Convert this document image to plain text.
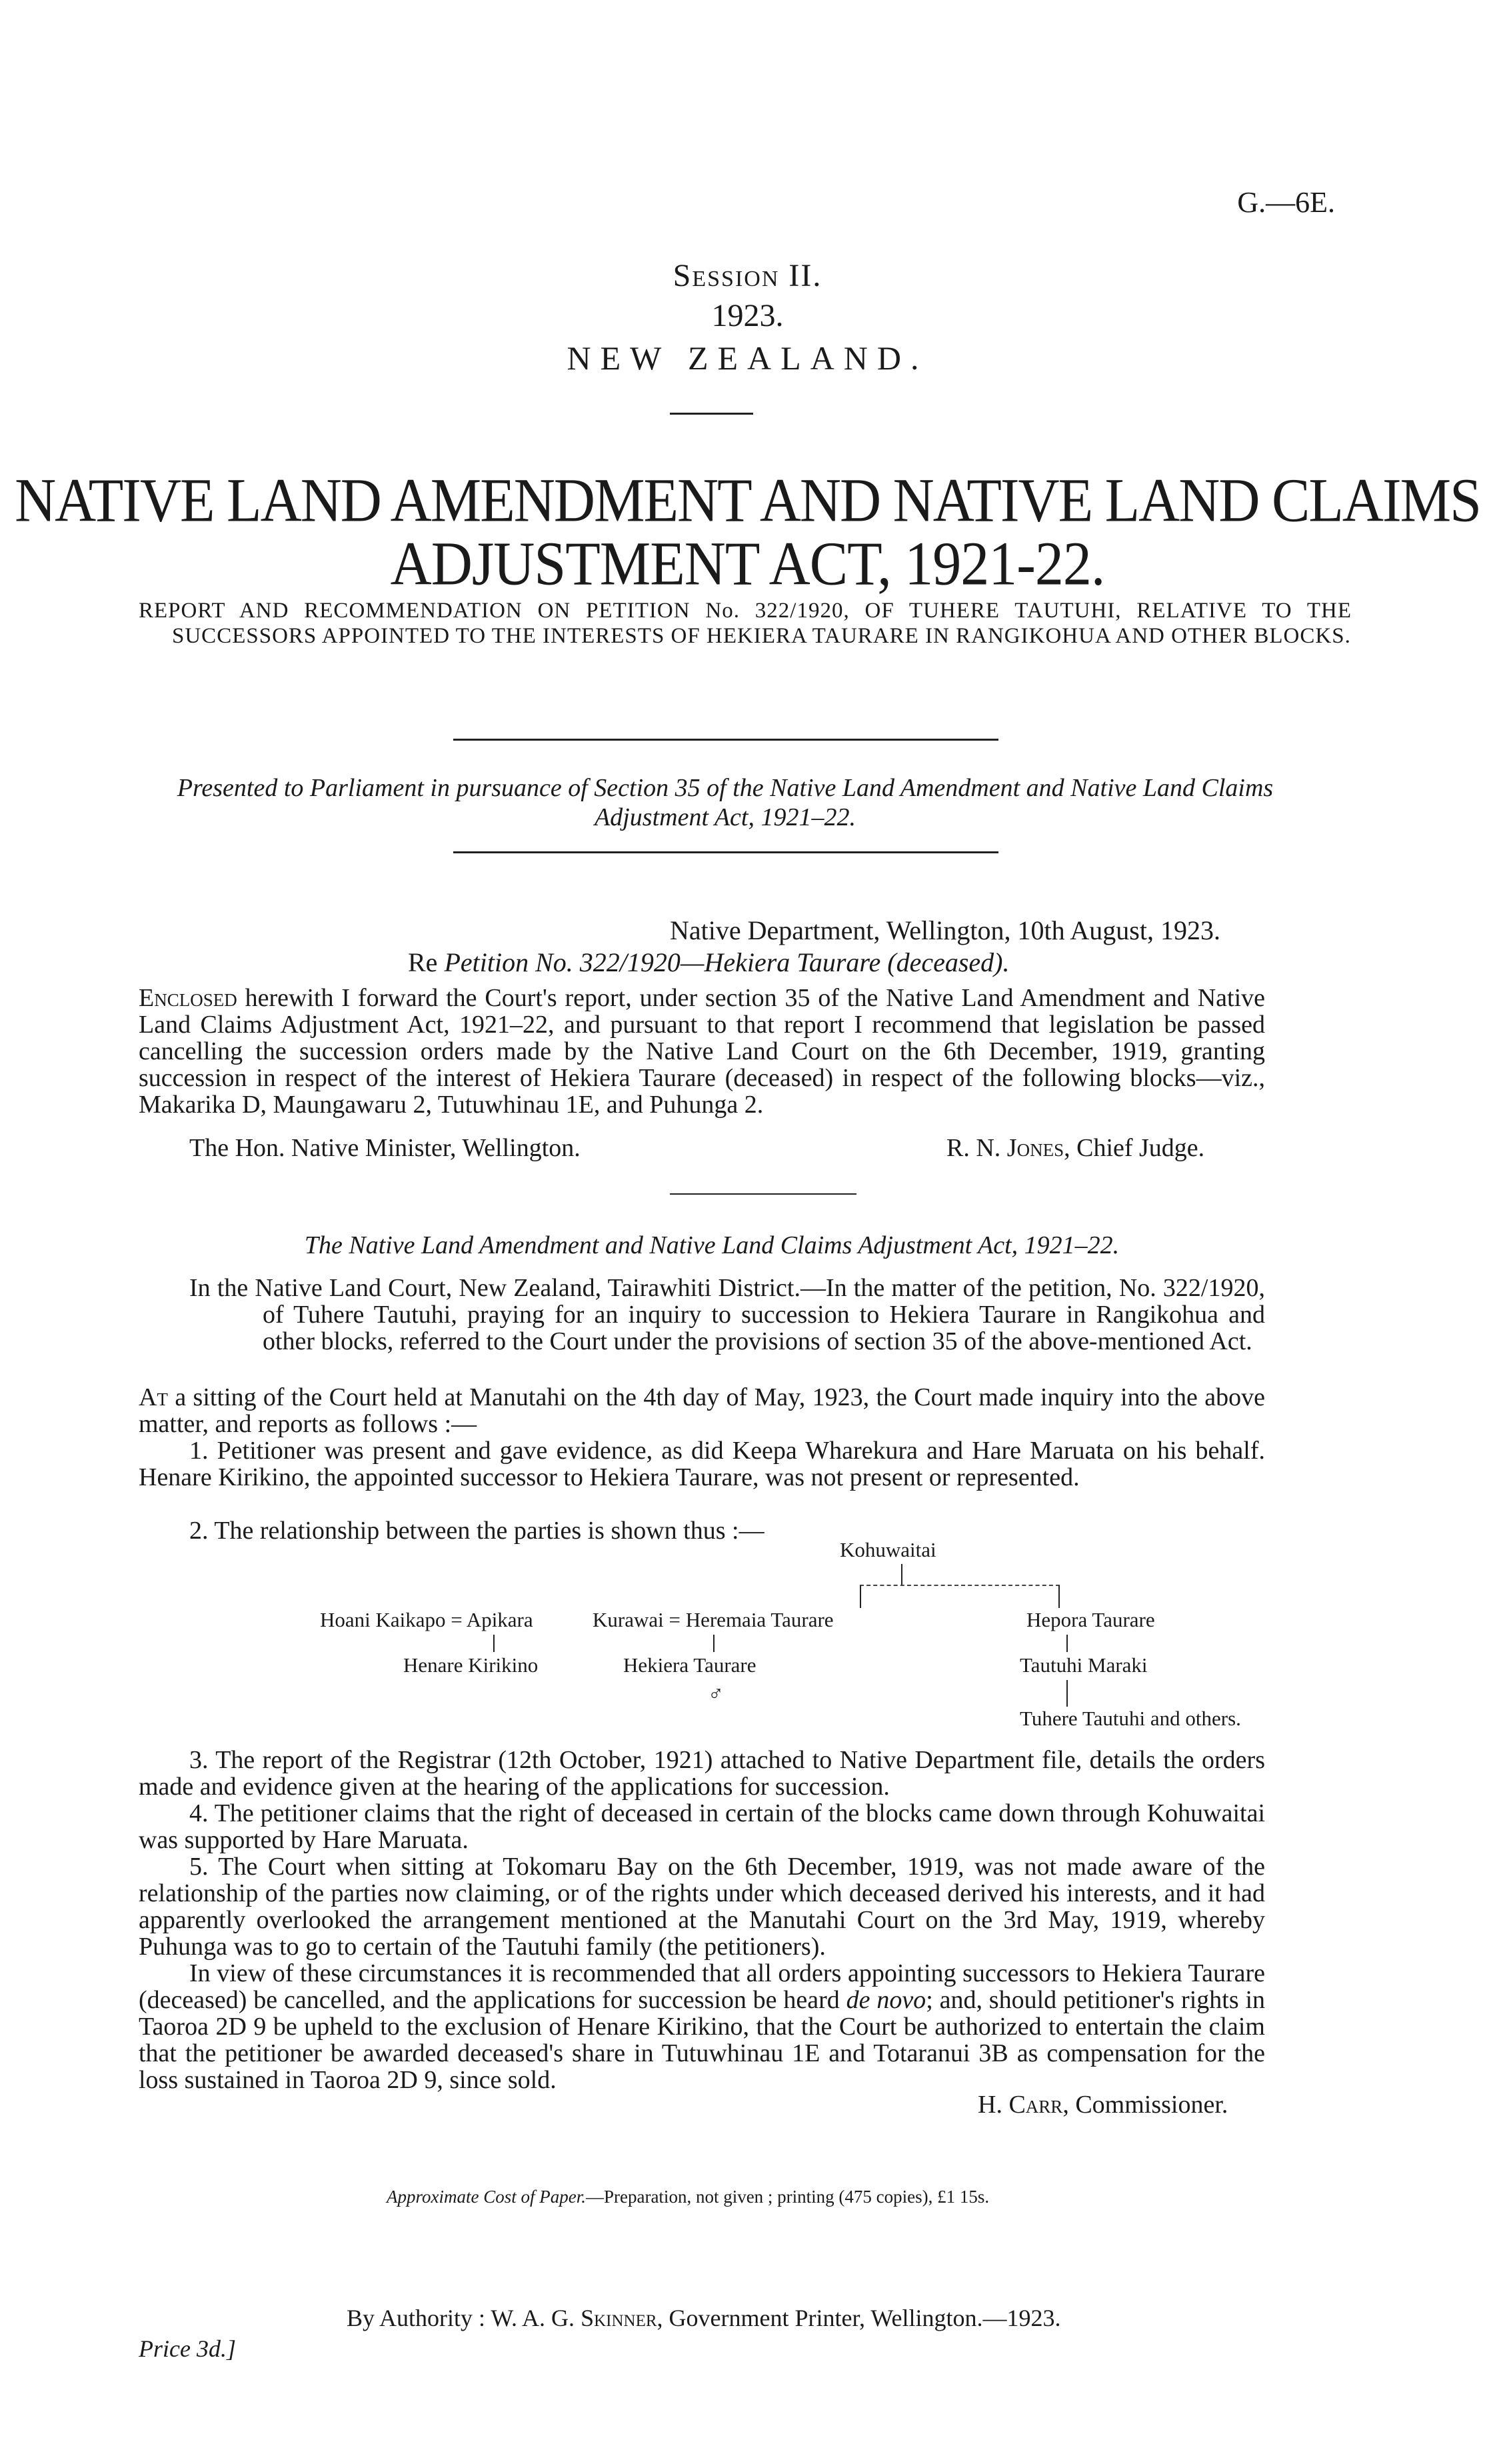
G.—6E.
Session II.
1923.
NEW ZEALAND.
NATIVE LAND AMENDMENT AND NATIVE LAND CLAIMS
ADJUSTMENT ACT, 1921-22.
REPORT AND RECOMMENDATION ON PETITION No. 322/1920, OF TUHERE TAUTUHI, RELATIVE TO THE SUCCESSORS APPOINTED TO THE INTERESTS OF HEKIERA TAURARE IN RANGIKOHUA AND OTHER BLOCKS.
Presented to Parliament in pursuance of Section 35 of the Native Land Amendment and Native Land Claims Adjustment Act, 1921–22.
Native Department, Wellington, 10th August, 1923.
Re Petition No. 322/1920—Hekiera Taurare (deceased).
Enclosed herewith I forward the Court's report, under section 35 of the Native Land Amendment and Native Land Claims Adjustment Act, 1921–22, and pursuant to that report I recommend that legislation be passed cancelling the succession orders made by the Native Land Court on the 6th December, 1919, granting succession in respect of the interest of Hekiera Taurare (deceased) in respect of the following blocks—viz., Makarika D, Maungawaru 2, Tutuwhinau 1E, and Puhunga 2.
The Hon. Native Minister, Wellington.	R. N. Jones, Chief Judge.
The Native Land Amendment and Native Land Claims Adjustment Act, 1921–22.
In the Native Land Court, New Zealand, Tairawhiti District.—In the matter of the petition, No. 322/1920, of Tuhere Tautuhi, praying for an inquiry to succession to Hekiera Taurare in Rangikohua and other blocks, referred to the Court under the provisions of section 35 of the above-mentioned Act.
At a sitting of the Court held at Manutahi on the 4th day of May, 1923, the Court made inquiry into the above matter, and reports as follows :—
1. Petitioner was present and gave evidence, as did Keepa Wharekura and Hare Maruata on his behalf. Henare Kirikino, the appointed successor to Hekiera Taurare, was not present or represented.
2. The relationship between the parties is shown thus :—
Kohuwaitai
Hoani Kaikapo = Apikara	Kurawai = Heremaia Taurare	Hepora Taurare
Henare Kirikino	Hekiera Taurare
♂
Tautuhi Maraki
Tuhere Tautuhi and others.
3. The report of the Registrar (12th October, 1921) attached to Native Department file, details the orders made and evidence given at the hearing of the applications for succession.
4. The petitioner claims that the right of deceased in certain of the blocks came down through Kohuwaitai was supported by Hare Maruata.
5. The Court when sitting at Tokomaru Bay on the 6th December, 1919, was not made aware of the relationship of the parties now claiming, or of the rights under which deceased derived his interests, and it had apparently overlooked the arrangement mentioned at the Manutahi Court on the 3rd May, 1919, whereby Puhunga was to go to certain of the Tautuhi family (the petitioners).
In view of these circumstances it is recommended that all orders appointing successors to Hekiera Taurare (deceased) be cancelled, and the applications for succession be heard de novo; and, should petitioner's rights in Taoroa 2D 9 be upheld to the exclusion of Henare Kirikino, that the Court be authorized to entertain the claim that the petitioner be awarded deceased's share in Tutuwhinau 1E and Totaranui 3B as compensation for the loss sustained in Taoroa 2D 9, since sold.
H. Carr, Commissioner.
Approximate Cost of Paper.—Preparation, not given ; printing (475 copies), £1 15s.
By Authority : W. A. G. Skinner, Government Printer, Wellington.—1923.
Price 3d.]
